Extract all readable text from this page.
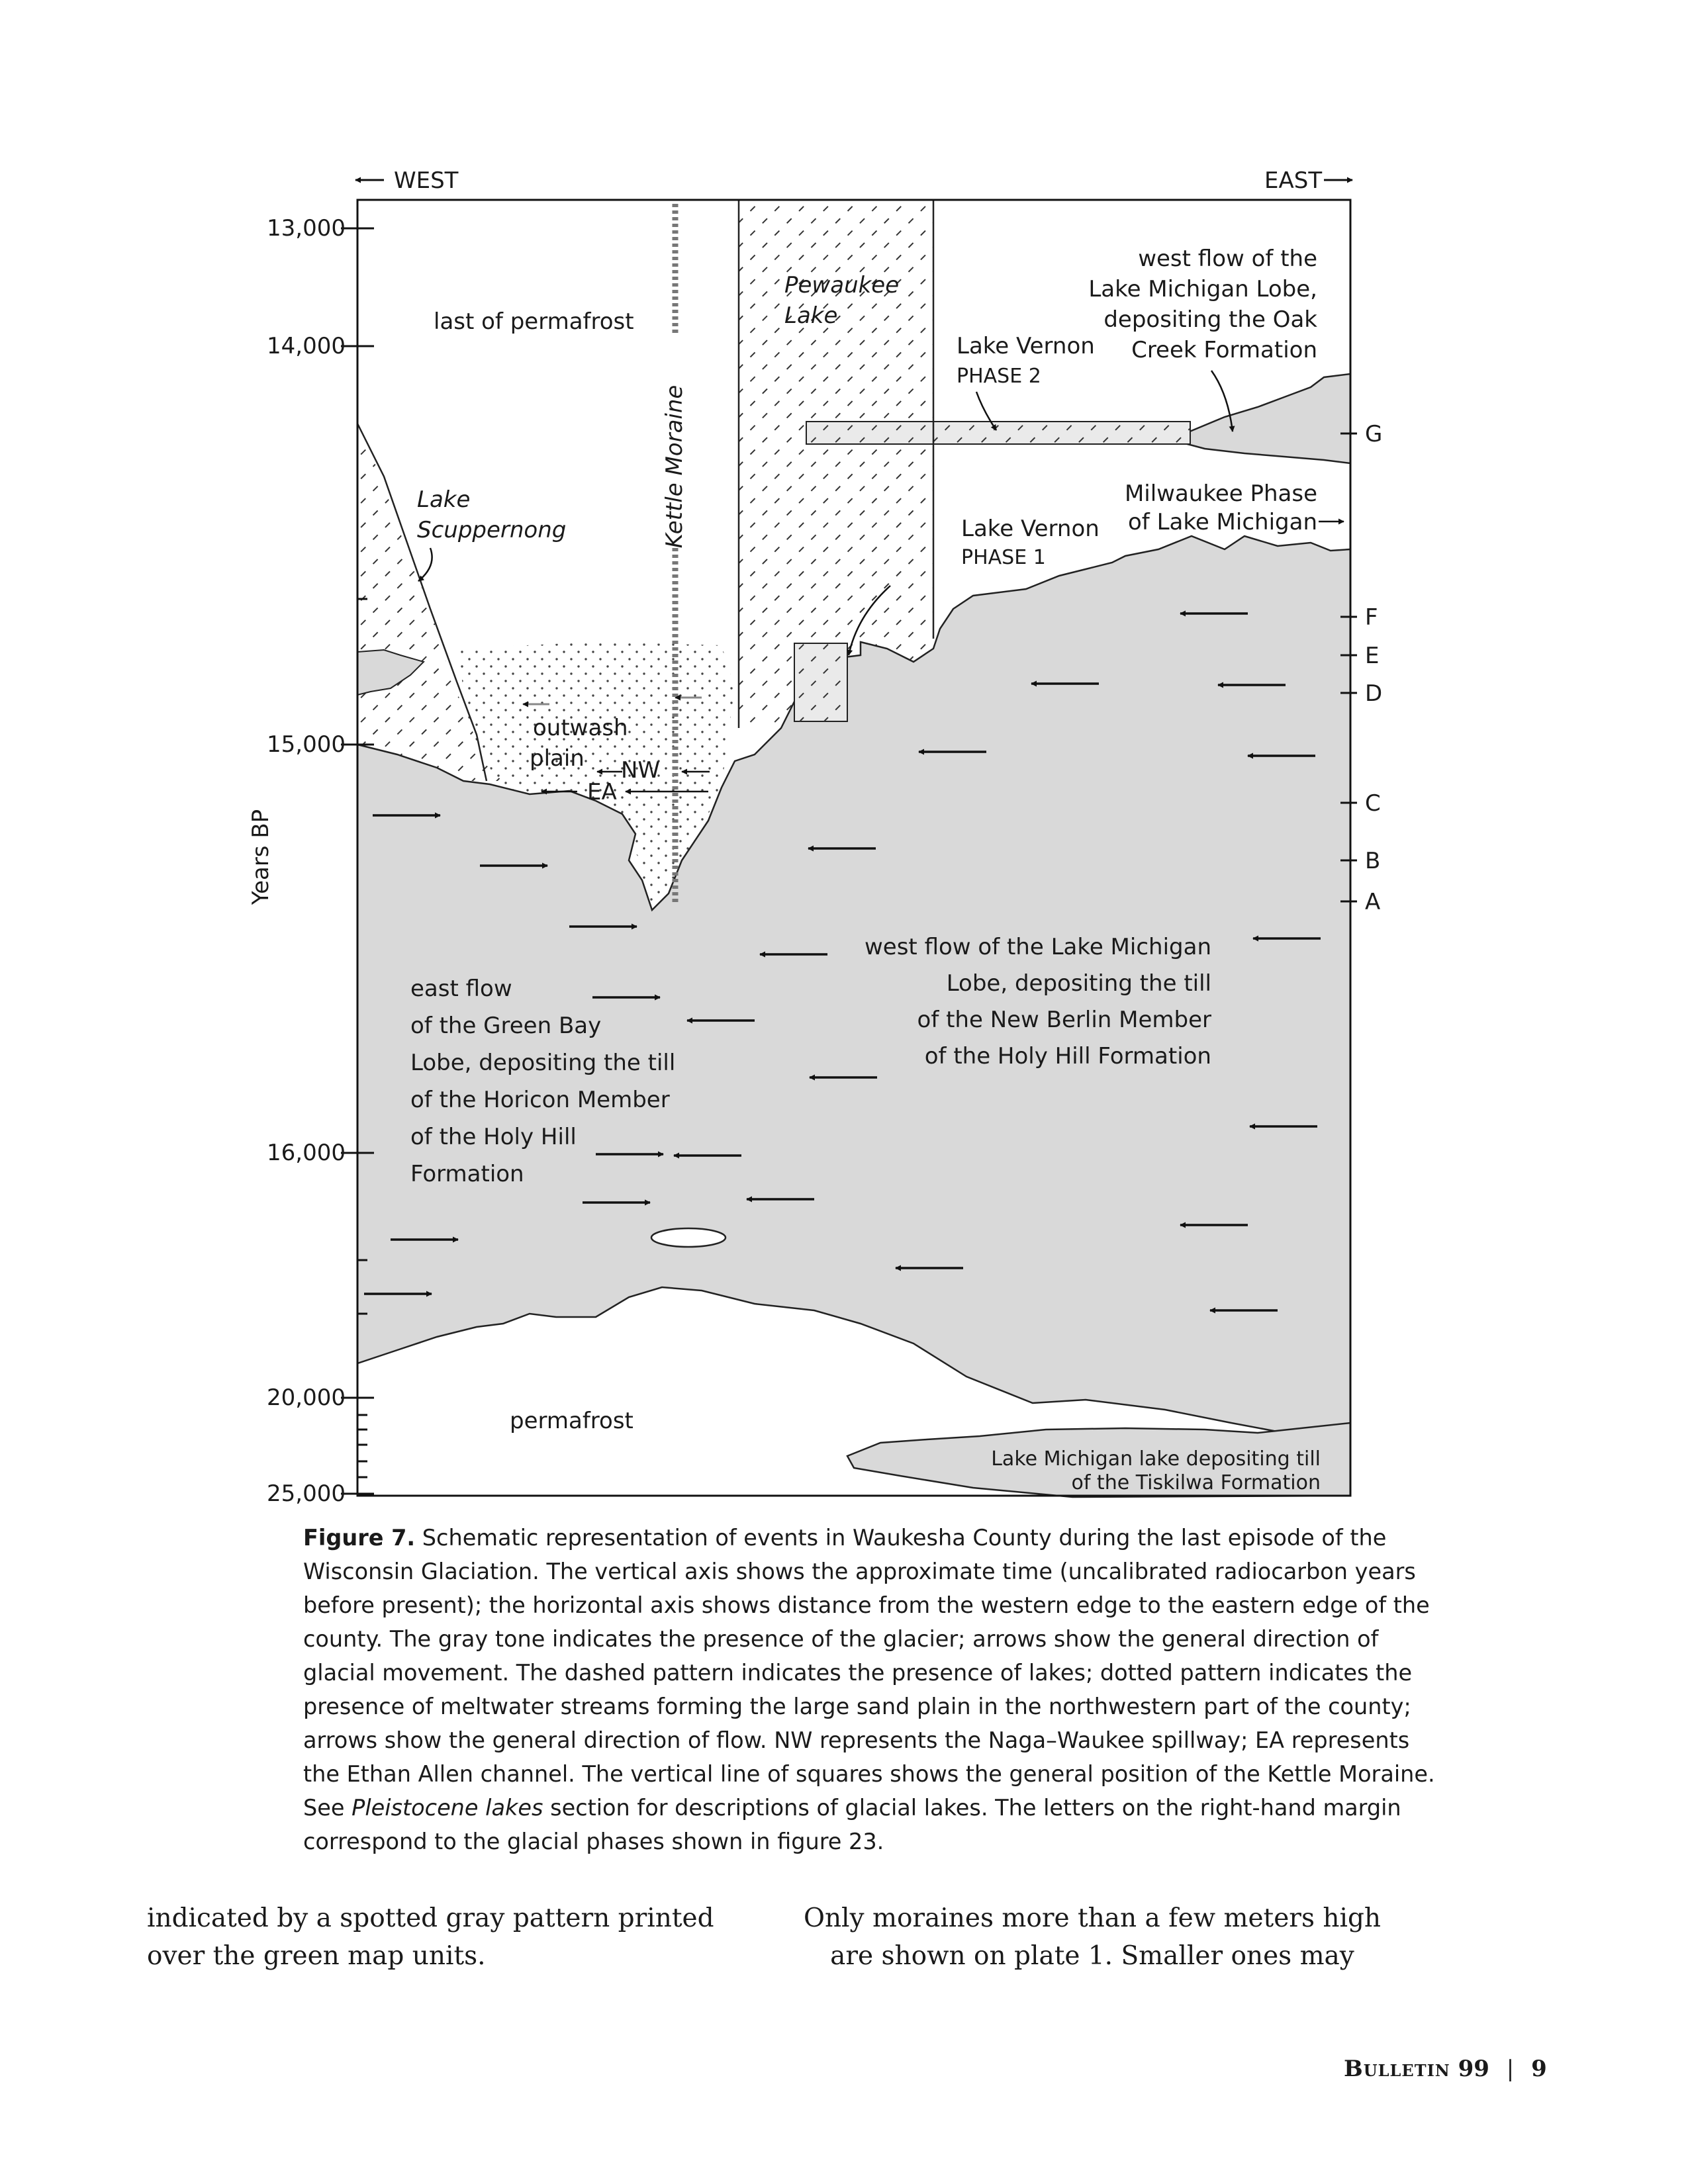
WEST	EAST
13,000
14,000
15,000
16,000
20,000
25,000
Years BP
G
F
E
D
C
B
A
last of permafrost
Pewaukee
Lake
Kettle Moraine
Lake
Scuppernong
outwash
plain NW
EA
Lake Vernon
PHASE 2
Lake Vernon
PHASE 1
west flow of the
Lake Michigan Lobe,
depositing the Oak
Creek Formation
Milwaukee Phase
of Lake Michigan
east flow
of the Green Bay
Lobe, depositing the till
of the Horicon Member
of the Holy Hill
Formation
west flow of the Lake Michigan
Lobe, depositing the till
of the New Berlin Member
of the Holy Hill Formation
permafrost
Lake Michigan lake depositing till
of the Tiskilwa Formation

Figure 7. Schematic representation of events in Waukesha County during the last episode of the Wisconsin Glaciation. The vertical axis shows the approximate time (uncalibrated radiocarbon years before present); the horizontal axis shows distance from the western edge to the eastern edge of the county. The gray tone indicates the presence of the glacier; arrows show the general direction of glacial movement. The dashed pattern indicates the presence of lakes; dotted pattern indicates the presence of meltwater streams forming the large sand plain in the northwestern part of the county; arrows show the general direction of flow. NW represents the Naga–Waukee spillway; EA represents the Ethan Allen channel. The vertical line of squares shows the general position of the Kettle Moraine. See Pleistocene lakes section for descriptions of glacial lakes. The letters on the right-hand margin correspond to the glacial phases shown in figure 23.

indicated by a spotted gray pattern printed over the green map units.

Only moraines more than a few meters high are shown on plate 1. Smaller ones may

Bulletin 99 | 9
